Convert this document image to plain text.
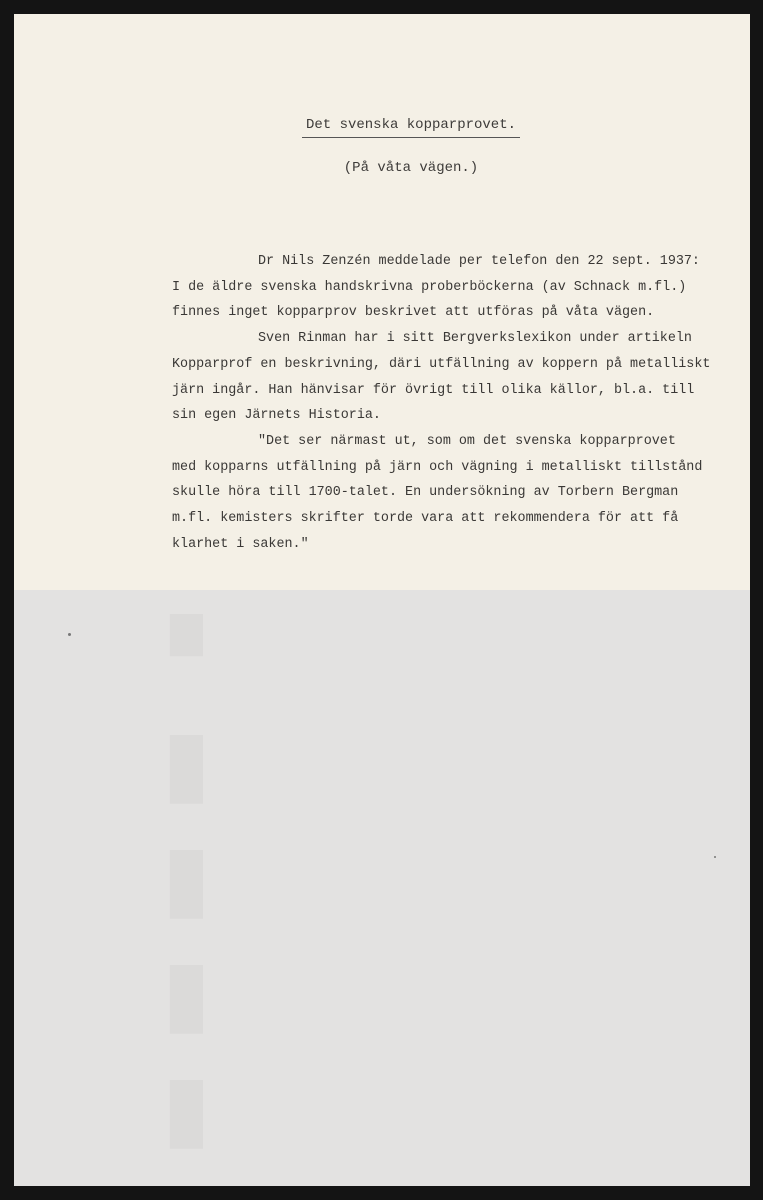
Det svenska kopparprovet.
(På våta vägen.)
Dr Nils Zenzén meddelade per telefon den 22 sept. 1937:
I de äldre svenska handskrivna proberböckerna (av Schnack m.fl.)
finnes inget kopparprov beskrivet att utföras på våta vägen.
Sven Rinman har i sitt Bergverkslexikon under artikeln
Kopparprof en beskrivning, däri utfällning av koppern på metalliskt
järn ingår. Han hänvisar för övrigt till olika källor, bl.a. till
sin egen Järnets Historia.
"Det ser närmast ut, som om det svenska kopparprovet
med kopparns utfällning på järn och vägning i metalliskt tillstånd
skulle höra till 1700-talet. En undersökning av Torbern Bergman
m.fl. kemisters skrifter torde vara att rekommendera för att få
klarhet i saken."
